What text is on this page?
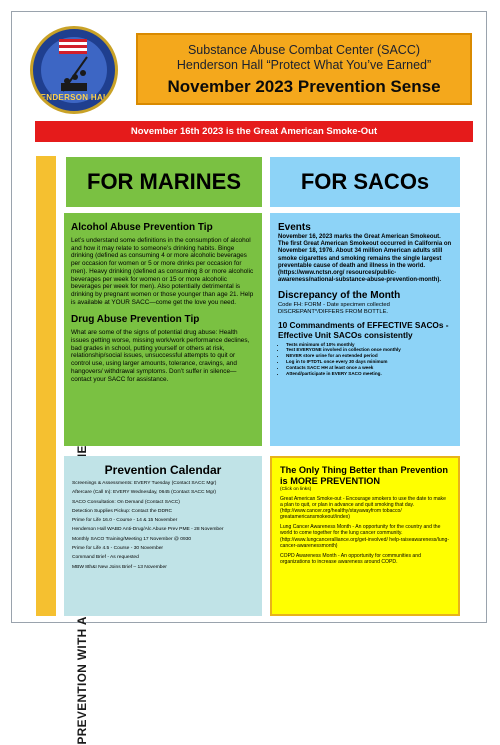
HENDERSON HALL
Substance Abuse Combat Center (SACC)
Henderson Hall “Protect What You’ve Earned”
November 2023 Prevention Sense
November 16th 2023 is the Great American Smoke-Out
FOR MARINES	FOR SACOs
Alcohol Abuse Prevention Tip
Let’s understand some definitions in the consumption of alcohol and how it may relate to someone’s drinking habits. Binge drinking (defined as consuming 4 or more alcoholic beverages per occasion for women or 5 or more drinks per occasion for men). Heavy drinking (defined as consuming 8 or more alcoholic beverages per week for women or 15 or more alcoholic beverages per week for men). Also potentially detrimental is drinking by pregnant women or those younger than age 21. Help is available at YOUR SACC—come get the love you need.
Drug Abuse Prevention Tip
What are some of the signs of potential drug abuse: Health issues getting worse, missing work/work performance declines, bad grades in school, putting yourself or others at risk, relationship/social issues, unsuccessful attempts to quit or control use, using larger amounts, tolerance, cravings, and hangovers/ withdrawal symptoms. Don’t suffer in silence—contact your SACC for assistance.
Events
November 16, 2023 marks the Great American Smokeout. The first Great American Smokeout occurred in California on November 18, 1976. About 34 million American adults still smoke cigarettes and smoking remains the single largest preventable cause of death and illness in the world. (https://www.nctsn.org/ resources/public-awareness/national-substance-abuse-prevention-month).
Discrepancy of the Month
Code FH: FORM - Date specimen collected DISCREPANT*/DIFFERS FROM BOTTLE.
10 Commandments of EFFECTIVE SACOs - Effective Unit SACOs consistently
• Tests minimum of 10% monthly
• Test EVERYONE involved in collection once monthly
• NEVER store urine for an extended period
• Log in to IFTDTL once every 30 days minimum
• Contacts SACC HH at least once a week
• Attend/participate in EVERY SACO meeting.
Prevention Calendar
Screenings & Assessments: EVERY Tuesday (Contact SACC Mgr)
Aftercare (Call In): EVERY Wednesday, 0645 (Contact SACC Mgr)
SACO Consultation: On Demand (Contact SACC)
Detection Supplies Pickup: Contact the DDRC
Prime for Life 16.0 - Course - 14 & 15 November
Henderson Hall WABD Anti-Drug/Alc Abuse Prev PME - 28 November
Monthly SACO Training/Meeting 17 November @ 0930
Prime for Life 4.5 - Course - 30 November
Command Brief - As requested
MBW 8th&I New Joins Brief – 13 November
The Only Thing Better than Prevention is MORE PREVENTION
(Click on links)
Great American Smoke-out - Encourage smokers to use the date to make a plan to quit, or plan in advance and quit smoking that day. (http://www.cancer.org/healthy/stayawayfrom tobacco/ greatamericansmokeout/index)
Lung Cancer Awareness Month - An opportunity for the country and the world to come together for the lung cancer community. (http://www.lungcanceralliance.org/get-involved/ help-raiseawareness/lung-cancer-awarenessmonth)
COPD Awareness Month - An opportunity for communities and organizations to increase awareness around COPD.
